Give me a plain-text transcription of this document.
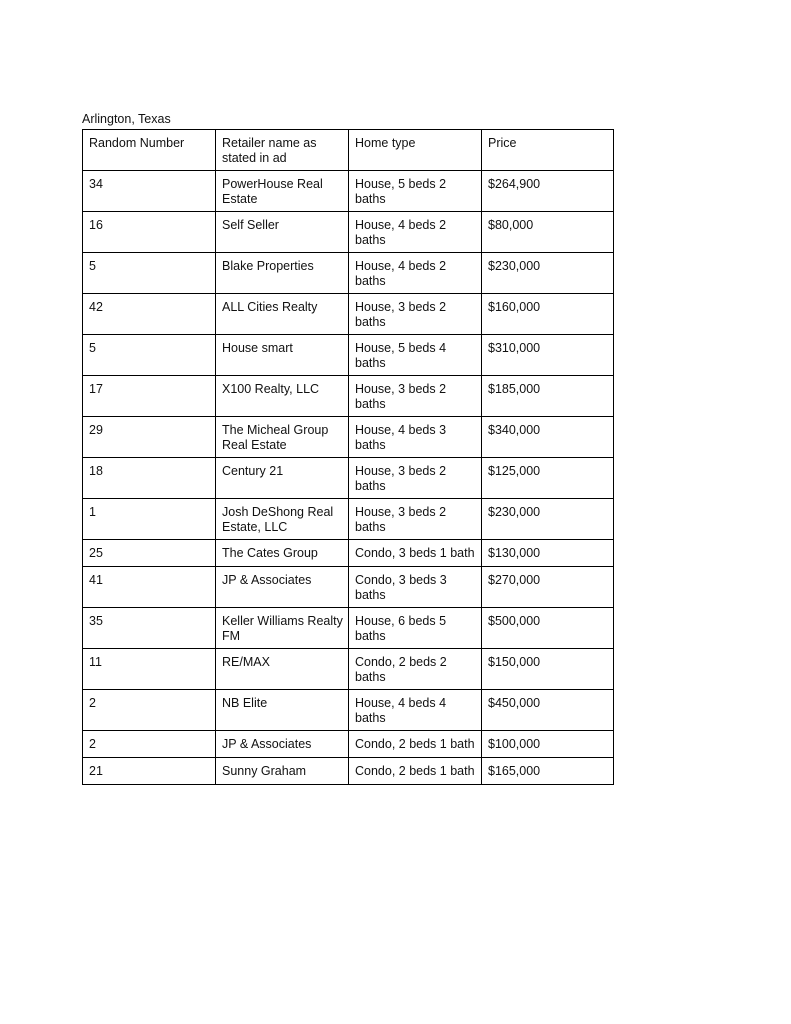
Arlington, Texas
Random Number	Retailer name as stated in ad	Home type	Price
34	PowerHouse Real Estate	House, 5 beds 2 baths	$264,900
16	Self Seller	House, 4 beds 2 baths	$80,000
5	Blake Properties	House, 4 beds 2 baths	$230,000
42	ALL Cities Realty	House, 3 beds 2 baths	$160,000
5	House smart	House, 5 beds 4 baths	$310,000
17	X100 Realty, LLC	House, 3 beds 2 baths	$185,000
29	The Micheal Group Real Estate	House, 4 beds 3 baths	$340,000
18	Century 21	House, 3 beds 2 baths	$125,000
1	Josh DeShong Real Estate, LLC	House, 3 beds 2 baths	$230,000
25	The Cates Group	Condo, 3 beds 1 bath	$130,000
41	JP & Associates	Condo, 3 beds 3 baths	$270,000
35	Keller Williams Realty FM	House, 6 beds 5 baths	$500,000
11	RE/MAX	Condo, 2 beds 2 baths	$150,000
2	NB Elite	House, 4 beds 4 baths	$450,000
2	JP & Associates	Condo, 2 beds 1 bath	$100,000
21	Sunny Graham	Condo, 2 beds 1 bath	$165,000
